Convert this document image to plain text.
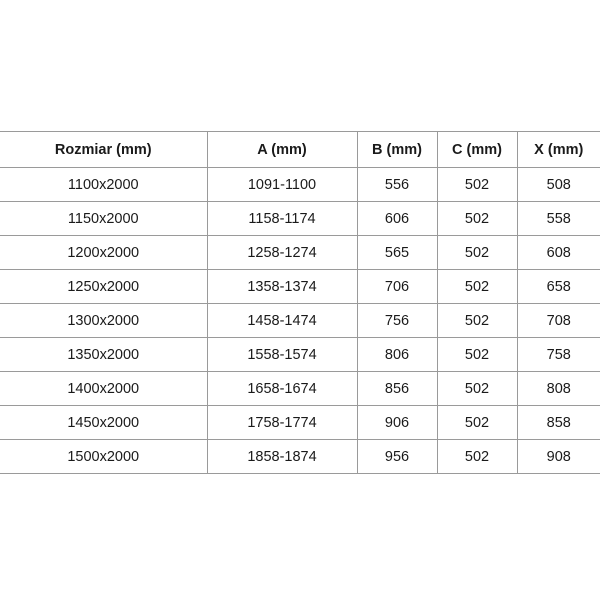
Rozmiar (mm)	A (mm)	B (mm)	C (mm)	X (mm)
1100x2000	1091-1100	556	502	508
1150x2000	1158-1174	606	502	558
1200x2000	1258-1274	565	502	608
1250x2000	1358-1374	706	502	658
1300x2000	1458-1474	756	502	708
1350x2000	1558-1574	806	502	758
1400x2000	1658-1674	856	502	808
1450x2000	1758-1774	906	502	858
1500x2000	1858-1874	956	502	908
